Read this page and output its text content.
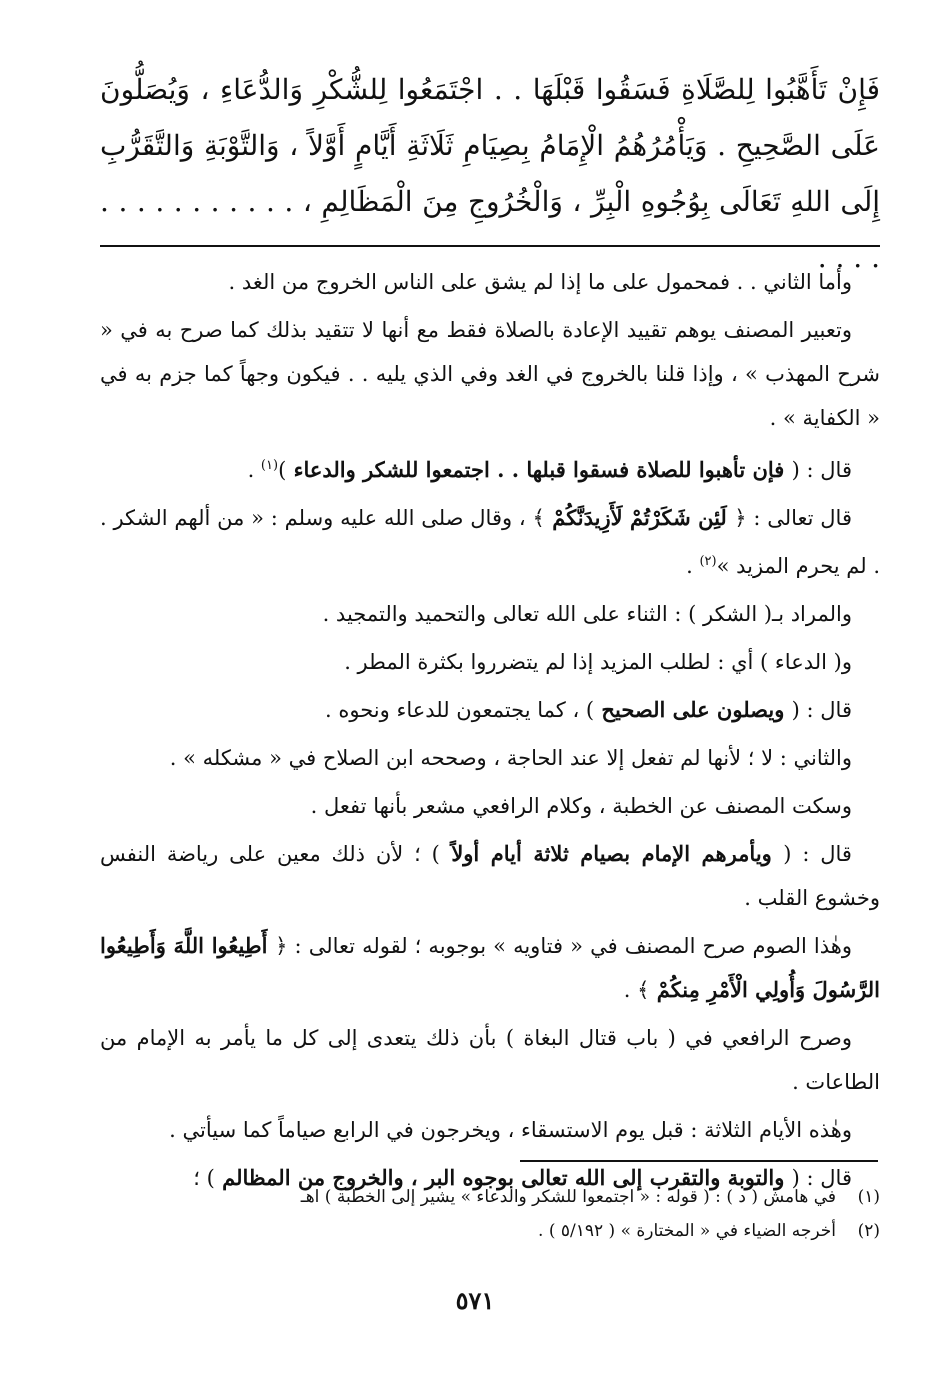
فَإِنْ تَأَهَّبُوا لِلصَّلَاةِ فَسَقُوا قَبْلَهَا . . اجْتَمَعُوا لِلشُّكْرِ وَالدُّعَاءِ ، وَيُصَلُّونَ عَلَى الصَّحِيحِ . وَيَأْمُرُهُمُ الْإِمَامُ بِصِيَامِ ثَلَاثَةِ أَيَّامٍ أَوَّلاً ، وَالتَّوْبَةِ وَالتَّقَرُّبِ إِلَى اللهِ تَعَالَى بِوُجُوهِ الْبِرِّ ، وَالْخُرُوجِ مِنَ الْمَظَالِمِ ، . . . . . . . . . . . . . . .

وأما الثاني . . فمحمول على ما إذا لم يشق على الناس الخروج من الغد .

وتعبير المصنف يوهم تقييد الإعادة بالصلاة فقط مع أنها لا تتقيد بذلك كما صرح به في « شرح المهذب » ، وإذا قلنا بالخروج في الغد وفي الذي يليه . . فيكون وجهاً كما جزم به في « الكفاية » .

قال : ( فإن تأهبوا للصلاة فسقوا قبلها . . اجتمعوا للشكر والدعاء )$^{(١)}$ .

قال تعالى : ﴿ لَئِن شَكَرْتُمْ لَأَزِيدَنَّكُمْ ﴾ ، وقال صلى الله عليه وسلم : « من ألهم الشكر . . لم يحرم المزيد »$^{(٢)}$ .

والمراد بـ( الشكر ) : الثناء على الله تعالى والتحميد والتمجيد .

و( الدعاء ) أي : لطلب المزيد إذا لم يتضرروا بكثرة المطر .

قال : ( ويصلون على الصحيح ) ، كما يجتمعون للدعاء ونحوه .

والثاني : لا ؛ لأنها لم تفعل إلا عند الحاجة ، وصححه ابن الصلاح في « مشكله » .

وسكت المصنف عن الخطبة ، وكلام الرافعي مشعر بأنها تفعل .

قال : ( ويأمرهم الإمام بصيام ثلاثة أيام أولاً ) ؛ لأن ذلك معين على رياضة النفس وخشوع القلب .

وهٰذا الصوم صرح المصنف في « فتاويه » بوجوبه ؛ لقوله تعالى : ﴿ أَطِيعُوا اللَّهَ وَأَطِيعُوا الرَّسُولَ وَأُولِي الْأَمْرِ مِنكُمْ ﴾ .

وصرح الرافعي في ( باب قتال البغاة ) بأن ذلك يتعدى إلى كل ما يأمر به الإمام من الطاعات .

وهٰذه الأيام الثلاثة : قبل يوم الاستسقاء ، ويخرجون في الرابع صياماً كما سيأتي .

قال : ( والتوبة والتقرب إلى الله تعالى بوجوه البر ، والخروج من المظالم ) ؛

(١)في هامش ( د ) : ( قوله : « اجتمعوا للشكر والدعاء » يشير إلى الخطبة ) اهـ

(٢)أخرجه الضياء في « المختارة » ( ٥/١٩٢ ) .

٥٧١
